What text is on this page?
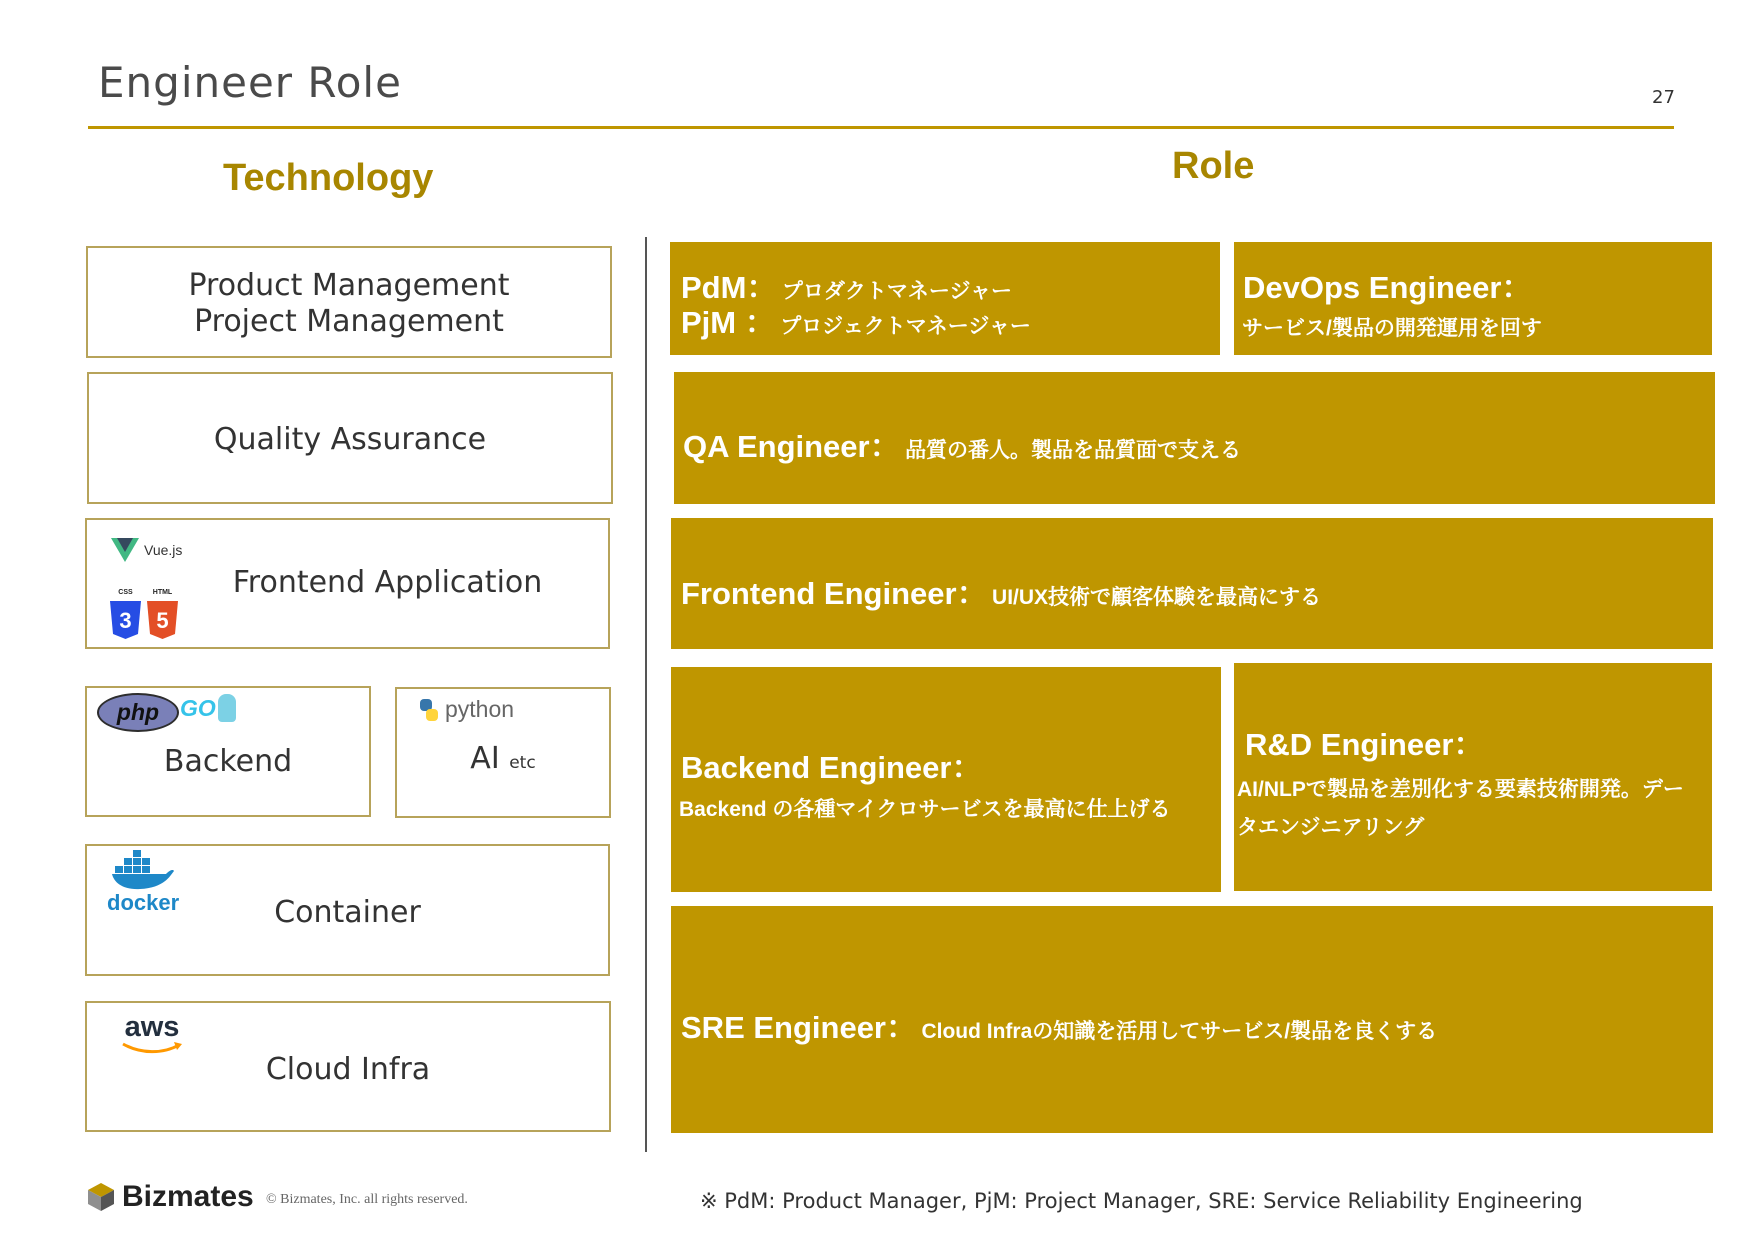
Engineer Role	27
Technology	Role
Product Management
Project Management
Quality Assurance
Vue.js
CSS
3
HTML
5
Frontend Application
php GO
Backend
python
AI etc
docker	Container
aws
Cloud Infra
PdM： プロダクトマネージャー
PjM ： プロジェクトマネージャー
DevOps Engineer：
サービス/製品の開発運用を回す
QA Engineer： 品質の番人。製品を品質面で支える
Frontend Engineer： UI/UX技術で顧客体験を最高にする
Backend Engineer：
Backend の各種マイクロサービスを最高に仕上げる
R&D Engineer：
AI/NLPで製品を差別化する要素技術開発。デー
タエンジニアリング
SRE Engineer： Cloud Infraの知識を活用してサービス/製品を良くする
Bizmates © Bizmates, Inc. all rights reserved.	※ PdM: Product Manager, PjM: Project Manager, SRE: Service Reliability Engineering
